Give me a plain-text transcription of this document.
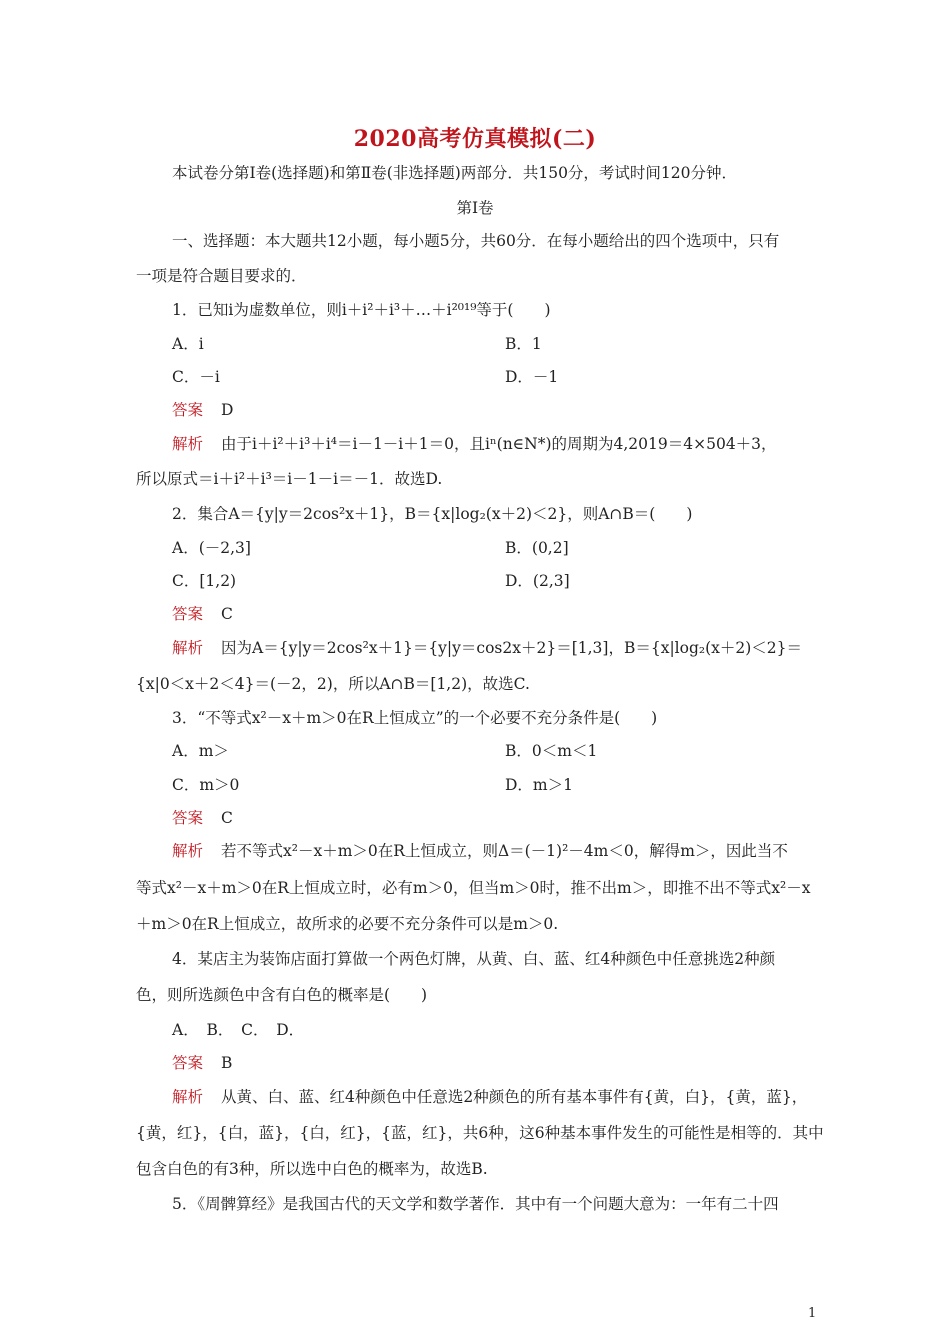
2020高考仿真模拟(二)
本试卷分第Ⅰ卷(选择题)和第Ⅱ卷(非选择题)两部分．共150分，考试时间120分钟．
第Ⅰ卷
一、选择题：本大题共12小题，每小题5分，共60分．在每小题给出的四个选项中，只有
一项是符合题目要求的．
1．已知i为虚数单位，则i＋i²＋i³＋…＋i²⁰¹⁹等于(　　)
A．i	B．1
C．－i	D．－1
答案 D
解析 由于i＋i²＋i³＋i⁴＝i－1－i＋1＝0，且iⁿ(n∈N*)的周期为4,2019＝4×504＋3，
所以原式＝i＋i²＋i³＝i－1－i＝－1．故选D.
2．集合A＝{y|y＝2cos²x＋1}，B＝{x|log₂(x＋2)＜2}，则A∩B＝(　　)
A．(－2,3]	B．(0,2]
C．[1,2)	D．(2,3]
答案 C
解析 因为A＝{y|y＝2cos²x＋1}＝{y|y＝cos2x＋2}＝[1,3]，B＝{x|log₂(x＋2)＜2}＝
{x|0＜x＋2＜4}＝(－2，2)，所以A∩B＝[1,2)，故选C.
3．“不等式x²－x＋m＞0在R上恒成立”的一个必要不充分条件是(　　)
A．m＞	B．0＜m＜1
C．m＞0	D．m＞1
答案 C
解析 若不等式x²－x＋m＞0在R上恒成立，则Δ＝(－1)²－4m＜0，解得m＞，因此当不
等式x²－x＋m＞0在R上恒成立时，必有m＞0，但当m＞0时，推不出m＞，即推不出不等式x²－x
＋m＞0在R上恒成立，故所求的必要不充分条件可以是m＞0.
4．某店主为装饰店面打算做一个两色灯牌，从黄、白、蓝、红4种颜色中任意挑选2种颜
色，则所选颜色中含有白色的概率是(　　)
A．　B．　C．　D．
答案 B
解析 从黄、白、蓝、红4种颜色中任意选2种颜色的所有基本事件有{黄，白}，{黄，蓝}，
{黄，红}，{白，蓝}，{白，红}，{蓝，红}，共6种，这6种基本事件发生的可能性是相等的．其中
包含白色的有3种，所以选中白色的概率为，故选B.
5．《周髀算经》是我国古代的天文学和数学著作．其中有一个问题大意为：一年有二十四
1
